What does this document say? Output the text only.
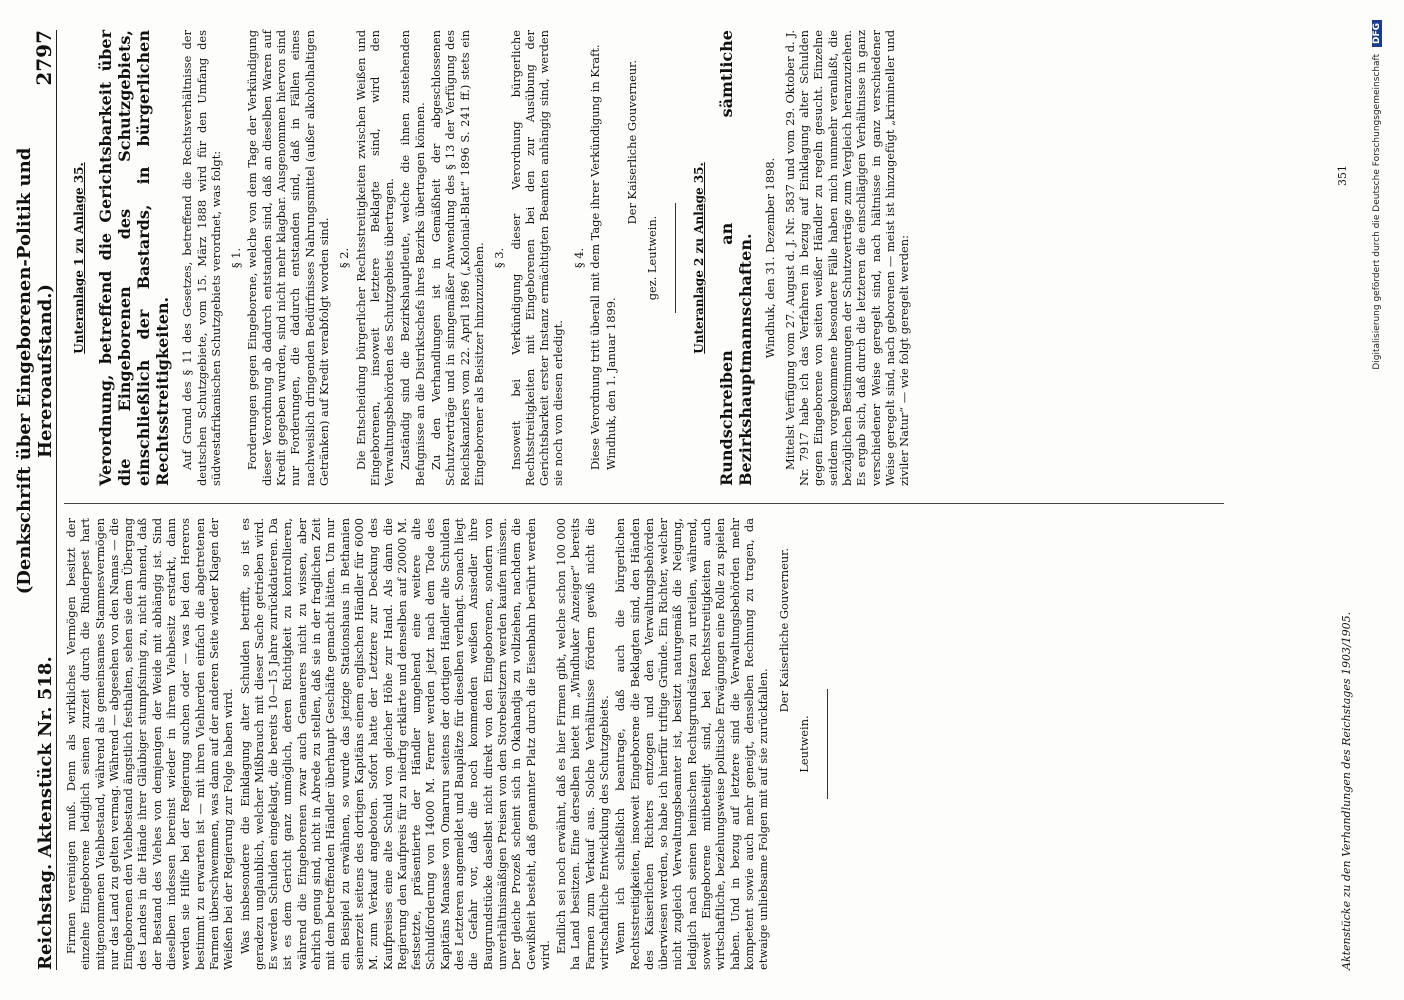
Reichstag. Aktenstück Nr. 518.
(Denkschrift über Eingeborenen-Politik und Hereroaufstand.)
2797

Firmen vereinigen muß. Denn als wirkliches Vermögen besitzt der einzelne Eingeborene lediglich seinen zurzeit durch die Rinderpest hart mitgenommenen Viehbestand, während als gemeinsames Stammesvermögen nur das Land zu gelten vermag. Während — abgesehen von den Namas — die Eingeborenen den Viehbestand ängstlich festhalten, sehen sie dem Übergang des Landes in die Hände ihrer Gläubiger stumpfsinnig zu, nicht ahnend, daß der Bestand des Viehes von demjenigen der Weide mit abhängig ist. Sind dieselben indessen bereinst wieder in ihrem Viehbesitz erstarkt, dann werden sie Hilfe bei der Regierung suchen oder — was bei den Hereros bestimmt zu erwarten ist — mit ihren Viehherden einfach die abgetretenen Farmen überschwemmen, was dann auf der anderen Seite wieder Klagen der Weißen bei der Regierung zur Folge haben wird. Was insbesondere die Einklagung alter Schulden betrifft, so ist es geradezu unglaublich, welcher Mißbrauch mit dieser Sache getrieben wird. Es werden Schulden eingeklagt, die bereits 10—15 Jahre zurückdatieren. Da ist es dem Gericht ganz unmöglich, deren Richtigkeit zu kontrollieren, während die Eingeborenen zwar auch Genaueres nicht zu wissen, aber ehrlich genug sind, nicht in Abrede zu stellen, daß sie in der fraglichen Zeit mit dem betreffenden Händler überhaupt Geschäfte gemacht hätten. Um nur ein Beispiel zu erwähnen, so wurde das jetzige Stationshaus in Bethanien seinerzeit seitens des dortigen Kapitäns einem englischen Händler für 6000 M. zum Verkauf angeboten. Sofort hatte der Letztere zur Deckung des Kaufpreises eine alte Schuld von gleicher Höhe zur Hand. Als dann die Regierung den Kaufpreis für zu niedrig erklärte und denselben auf 20000 M. festsetzte, präsentierte der Händler umgehend eine weitere alte Schuldforderung von 14000 M. Ferner werden jetzt nach dem Tode des Kapitäns Manasse von Omaruru seitens der dortigen Händler alte Schulden des Letzteren angemeldet und Bauplätze für dieselben verlangt. Sonach liegt die Gefahr vor, daß die noch kommenden weißen Ansiedler ihre Baugrundstücke daselbst nicht direkt von den Eingeborenen, sondern von unverhältnismäßigen Preisen von den Storebesitzern werden kaufen müssen. Der gleiche Prozeß scheint sich in Okahandja zu vollziehen, nachdem die Gewißheit besteht, daß genannter Platz durch die Eisenbahn berührt werden wird.

Endlich sei noch erwähnt, daß es hier Firmen gibt, welche schon 100 000 ha Land besitzen. Eine derselben bietet im „Windhuker Anzeiger“ bereits Farmen zum Verkauf aus. Solche Verhältnisse fördern gewiß nicht die wirtschaftliche Entwicklung des Schutzgebiets. Wenn ich schließlich beantrage, daß auch die bürgerlichen Rechtsstreitigkeiten, insoweit Eingeborene die Beklagten sind, den Händen des Kaiserlichen Richters entzogen und den Verwaltungsbehörden überwiesen werden, so habe ich hierfür triftige Gründe. Ein Richter, welcher nicht zugleich Verwaltungsbeamter ist, besitzt naturgemäß die Neigung, lediglich nach seinen heimischen Rechtsgrundsätzen zu urteilen, während, soweit Eingeborene mitbeteiligt sind, bei Rechtsstreitigkeiten auch wirtschaftliche, beziehungsweise politische Erwägungen eine Rolle zu spielen haben. Und in bezug auf letztere sind die Verwaltungsbehörden mehr kompetent sowie auch mehr geneigt, denselben Rechnung zu tragen, da etwaige unliebsame Folgen mit auf sie zurückfallen.

Der Kaiserliche Gouverneur.

Leutwein.

Unteranlage 1 zu Anlage 35. Verordnung, betreffend die Gerichtsbarkeit über die Eingeborenen des Schutzgebiets, einschließlich der Bastards, in bürgerlichen Rechtsstreitigkeiten. Auf Grund des § 11 des Gesetzes, betreffend die Rechtsverhältnisse der deutschen Schutzgebiete, vom 15. März 1888 wird für den Umfang des südwestafrikanischen Schutzgebiets verordnet, was folgt: § 1. Forderungen gegen Eingeborene, welche von dem Tage der Verkündigung dieser Verordnung ab dadurch entstanden sind, daß an dieselben Waren auf Kredit gegeben wurden, sind nicht mehr klagbar. Ausgenommen hiervon sind nur Forderungen, die dadurch entstanden sind, daß in Fällen eines nachweislich dringenden Bedürfnisses Nahrungsmittel (außer alkoholhaltigen Getränken) auf Kredit verabfolgt worden sind. § 2. Die Entscheidung bürgerlicher Rechtsstreitigkeiten zwischen Weißen und Eingeborenen, insoweit letztere Beklagte sind, wird den Verwaltungsbehörden des Schutzgebiets übertragen. Zuständig sind die Bezirkshauptleute, welche die ihnen zustehenden Befugnisse an die Distriktschefs ihres Bezirks übertragen können. Zu den Verhandlungen ist in Gemäßheit der abgeschlossenen Schutzverträge und in sinngemäßer Anwendung des § 13 der Verfügung des Reichskanzlers vom 22. April 1896 („Kolonial-Blatt“ 1896 S. 241 ff.) stets ein Eingeborener als Beisitzer hinzuzuziehen. § 3. Insoweit bei Verkündigung dieser Verordnung bürgerliche Rechtsstreitigkeiten mit Eingeborenen bei den zur Ausübung der Gerichtsbarkeit erster Instanz ermächtigten Beamten anhängig sind, werden sie noch von diesen erledigt.

§ 4. Diese Verordnung tritt überall mit dem Tage ihrer Verkündigung in Kraft. Windhuk, den 1. Januar 1899.

Der Kaiserliche Gouverneur.

gez. Leutwein.	Unteranlage 2 zu Anlage 35. Rundschreiben an sämtliche Bezirkshauptmannschaften. Windhuk, den 31. Dezember 1898. Mittelst Verfügung vom 27. August d. J. Nr. 5837 und vom 29. Oktober d. J. Nr. 7917 habe ich das Verfahren in bezug auf Einklagung alter Schulden gegen Eingeborene von seiten weißer Händler zu regeln gesucht. Einzelne seitdem vorgekommene besondere Fälle haben mich nunmehr veranlaßt, die bezüglichen Bestimmungen der Schutzverträge zum Vergleich heranzuziehen. Es ergab sich, daß durch die letzteren die einschlägigen Verhältnisse in ganz verschiedener Weise geregelt sind, nach hältnisse in ganz verschiedener Weise geregelt sind, nach geborenen — meist ist hinzugefügt „krimineller und ziviler Natur“ — wie folgt geregelt werden:

Aktenstücke zu den Verhandlungen des Reichstages 1903/1905.
351	Digitalisierung gefördert durch die Deutsche Forschungsgemeinschaft DFG
